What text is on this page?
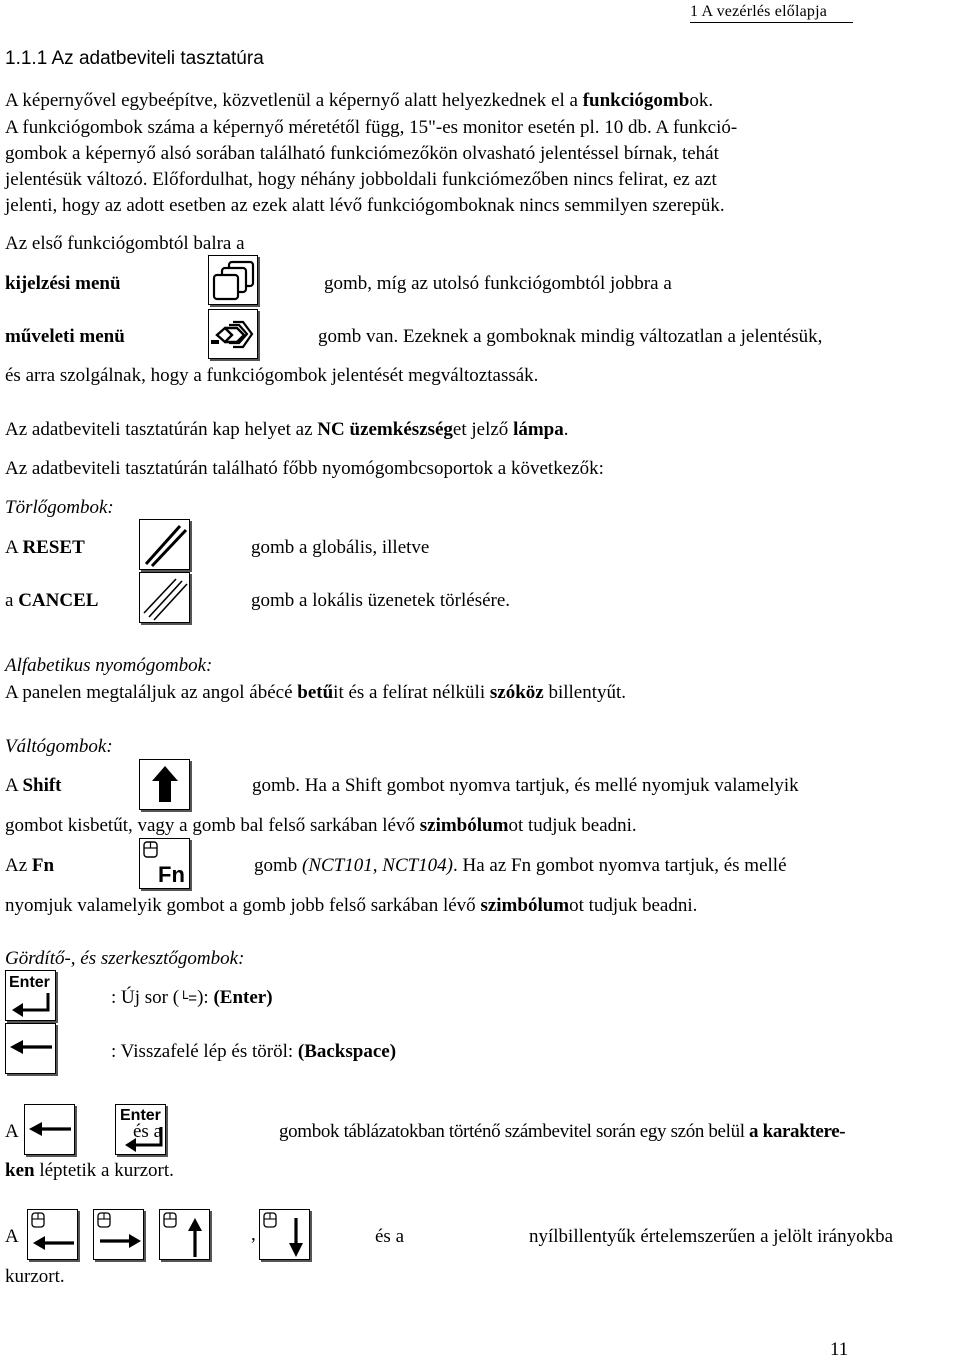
1 A vezérlés előlapja
1.1.1 Az adatbeviteli tasztatúra
A képernyővel egybeépítve, közvetlenül a képernyő alatt helyezkednek el a funkciógombok.
A funkciógombok száma a képernyő méretétől függ, 15"-es monitor esetén pl. 10 db. A funkció-
gombok a képernyő alsó sorában található funkciómezőkön olvasható jelentéssel bírnak, tehát
jelentésük változó. Előfordulhat, hogy néhány jobboldali funkciómezőben nincs felirat, ez azt
jelenti, hogy az adott esetben az ezek alatt lévő funkciógomboknak nincs semmilyen szerepük.
Az első funkciógombtól balra a
kijelzési menü	gomb, míg az utolsó funkciógombtól jobbra a
műveleti menü	gomb van. Ezeknek a gomboknak mindig változatlan a jelentésük,
és arra szolgálnak, hogy a funkciógombok jelentését megváltoztassák.
Az adatbeviteli tasztatúrán kap helyet az NC üzemkészséget jelző lámpa.
Az adatbeviteli tasztatúrán található főbb nyomógombcsoportok a következők:
Törlőgombok:
A RESET	gomb a globális, illetve
a CANCEL	gomb a lokális üzenetek törlésére.
Alfabetikus nyomógombok:
A panelen megtaláljuk az angol ábécé betűit és a felírat nélküli szóköz billentyűt.
Váltógombok:
A Shift	gomb. Ha a Shift gombot nyomva tartjuk, és mellé nyomjuk valamelyik
gombot kisbetűt, vagy a gomb bal felső sarkában lévő szimbólumot tudjuk beadni.
Az Fn	Fn	gomb (NCT101, NCT104). Ha az Fn gombot nyomva tartjuk, és mellé
nyomjuk valamelyik gombot a gomb jobb felső sarkában lévő szimbólumot tudjuk beadni.
Gördítő-, és szerkesztőgombok:
Enter
: Új sor (└=): (Enter)
: Visszafelé lép és töröl: (Backspace)
A
Enter
és a	gombok táblázatokban történő számbevitel során egy szón belül a karaktere-
ken léptetik a kurzort.
A	,	és a	nyílbillentyűk értelemszerűen a jelölt irányokba
kurzort.
11
